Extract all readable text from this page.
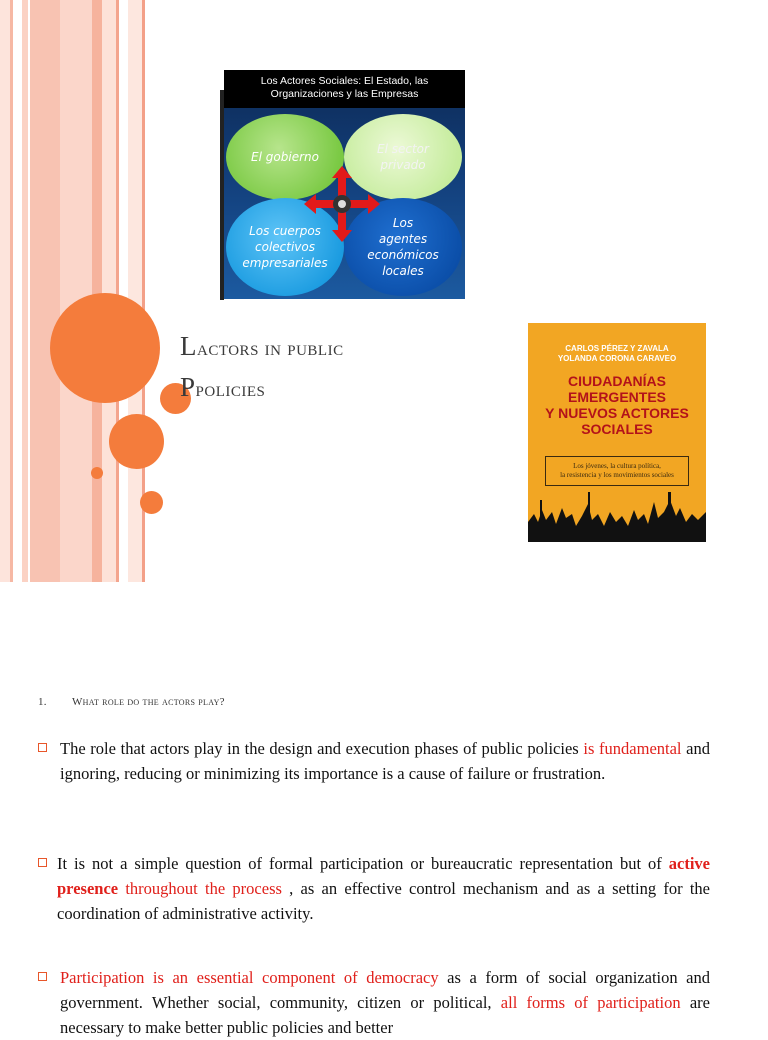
Los Actores Sociales: El Estado, las Organizaciones y las Empresas
El gobierno
El sector privado
Los cuerpos colectivos empresariales
Los agentes económicos locales
Lactors in public
Ppolicies
CARLOS PÉREZ Y ZAVALA
YOLANDA CORONA CARAVEO
CIUDADANÍAS
EMERGENTES
Y NUEVOS ACTORES
SOCIALES
Los jóvenes, la cultura política,
la resistencia y los movimientos sociales
1. What role do the actors play?
The role that actors play in the design and execution phases of public policies is fundamental and ignoring, reducing or minimizing its importance is a cause of failure or frustration.
It is not a simple question of formal participation or bureaucratic representation but of active presence throughout the process , as an effective control mechanism and as a setting for the coordination of administrative activity.
Participation is an essential component of democracy as a form of social organization and government. Whether social, community, citizen or political, all forms of participation are necessary to make better public policies and better
